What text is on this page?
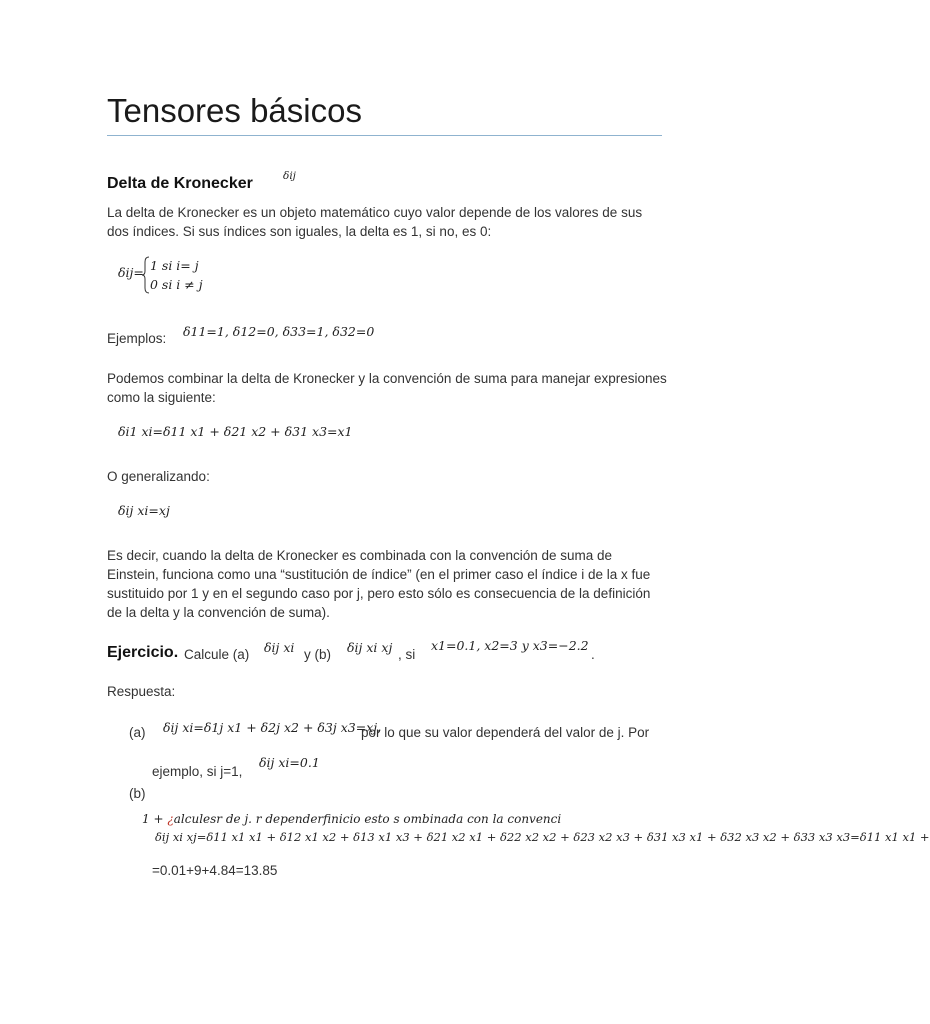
Tensores básicos
Delta de Kronecker	δij
La delta de Kronecker es un objeto matemático cuyo valor depende de los valores de sus dos índices. Si sus índices son iguales, la delta es 1, si no, es 0:
δij= 1 si i= j
0 si i ≠ j
Ejemplos: δ11=1, δ12=0, δ33=1, δ32=0
Podemos combinar la delta de Kronecker y la convención de suma para manejar expresiones como la siguiente:
δi1 xi=δ11 x1 + δ21 x2 + δ31 x3=x1
O generalizando:
δij xi=xj
Es decir, cuando la delta de Kronecker es combinada con la convención de suma de Einstein, funciona como una “sustitución de índice” (en el primer caso el índice i de la x fue sustituido por 1 y en el segundo caso por j, pero esto sólo es consecuencia de la definición de la delta y la convención de suma).
Ejercicio. Calcule (a) δij xi y (b) δij xi xj , si
x1=0.1, x2=3 y x3=−2.2
.
Respuesta:
(a) δij xi=δ1j x1 + δ2j x2 + δ3j x3=xj,
por lo que su valor dependerá del valor de j. Por
ejemplo, si j=1,
δij xi=0.1
(b)
1 + ¿alculesr de j. r dependerfinicio esto s ombinada con la convenci
δij xi xj=δ11 x1 x1 + δ12 x1 x2 + δ13 x1 x3 + δ21 x2 x1 + δ22 x2 x2 + δ23 x2 x3 + δ31 x3 x1 + δ32 x3 x2 + δ33 x3 x3=δ11 x1 x1 +
=0.01+9+4.84=13.85
